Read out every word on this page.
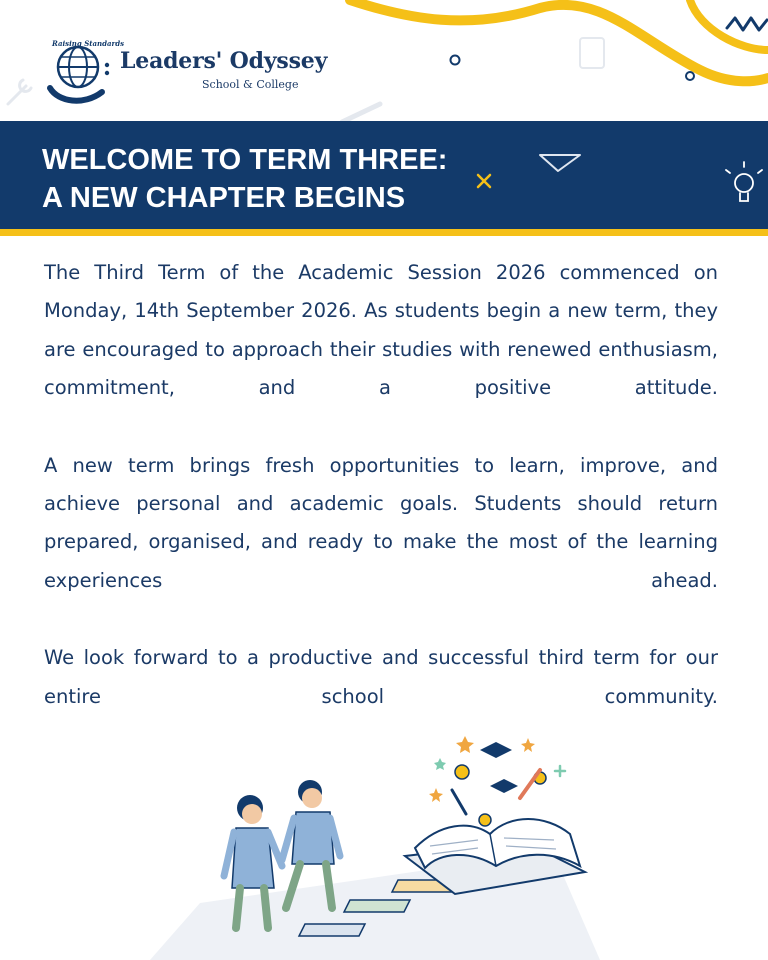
Raising Standards
Leaders' Odyssey
School & College
WELCOME TO TERM THREE:
A NEW CHAPTER BEGINS

The Third Term of the Academic Session 2026 commenced on Monday, 14th September 2026. As students begin a new term, they are encouraged to approach their studies with renewed enthusiasm, commitment, and a positive attitude.

A new term brings fresh opportunities to learn, improve, and achieve personal and academic goals. Students should return prepared, organised, and ready to make the most of the learning experiences ahead.

We look forward to a productive and successful third term for our entire school community.
